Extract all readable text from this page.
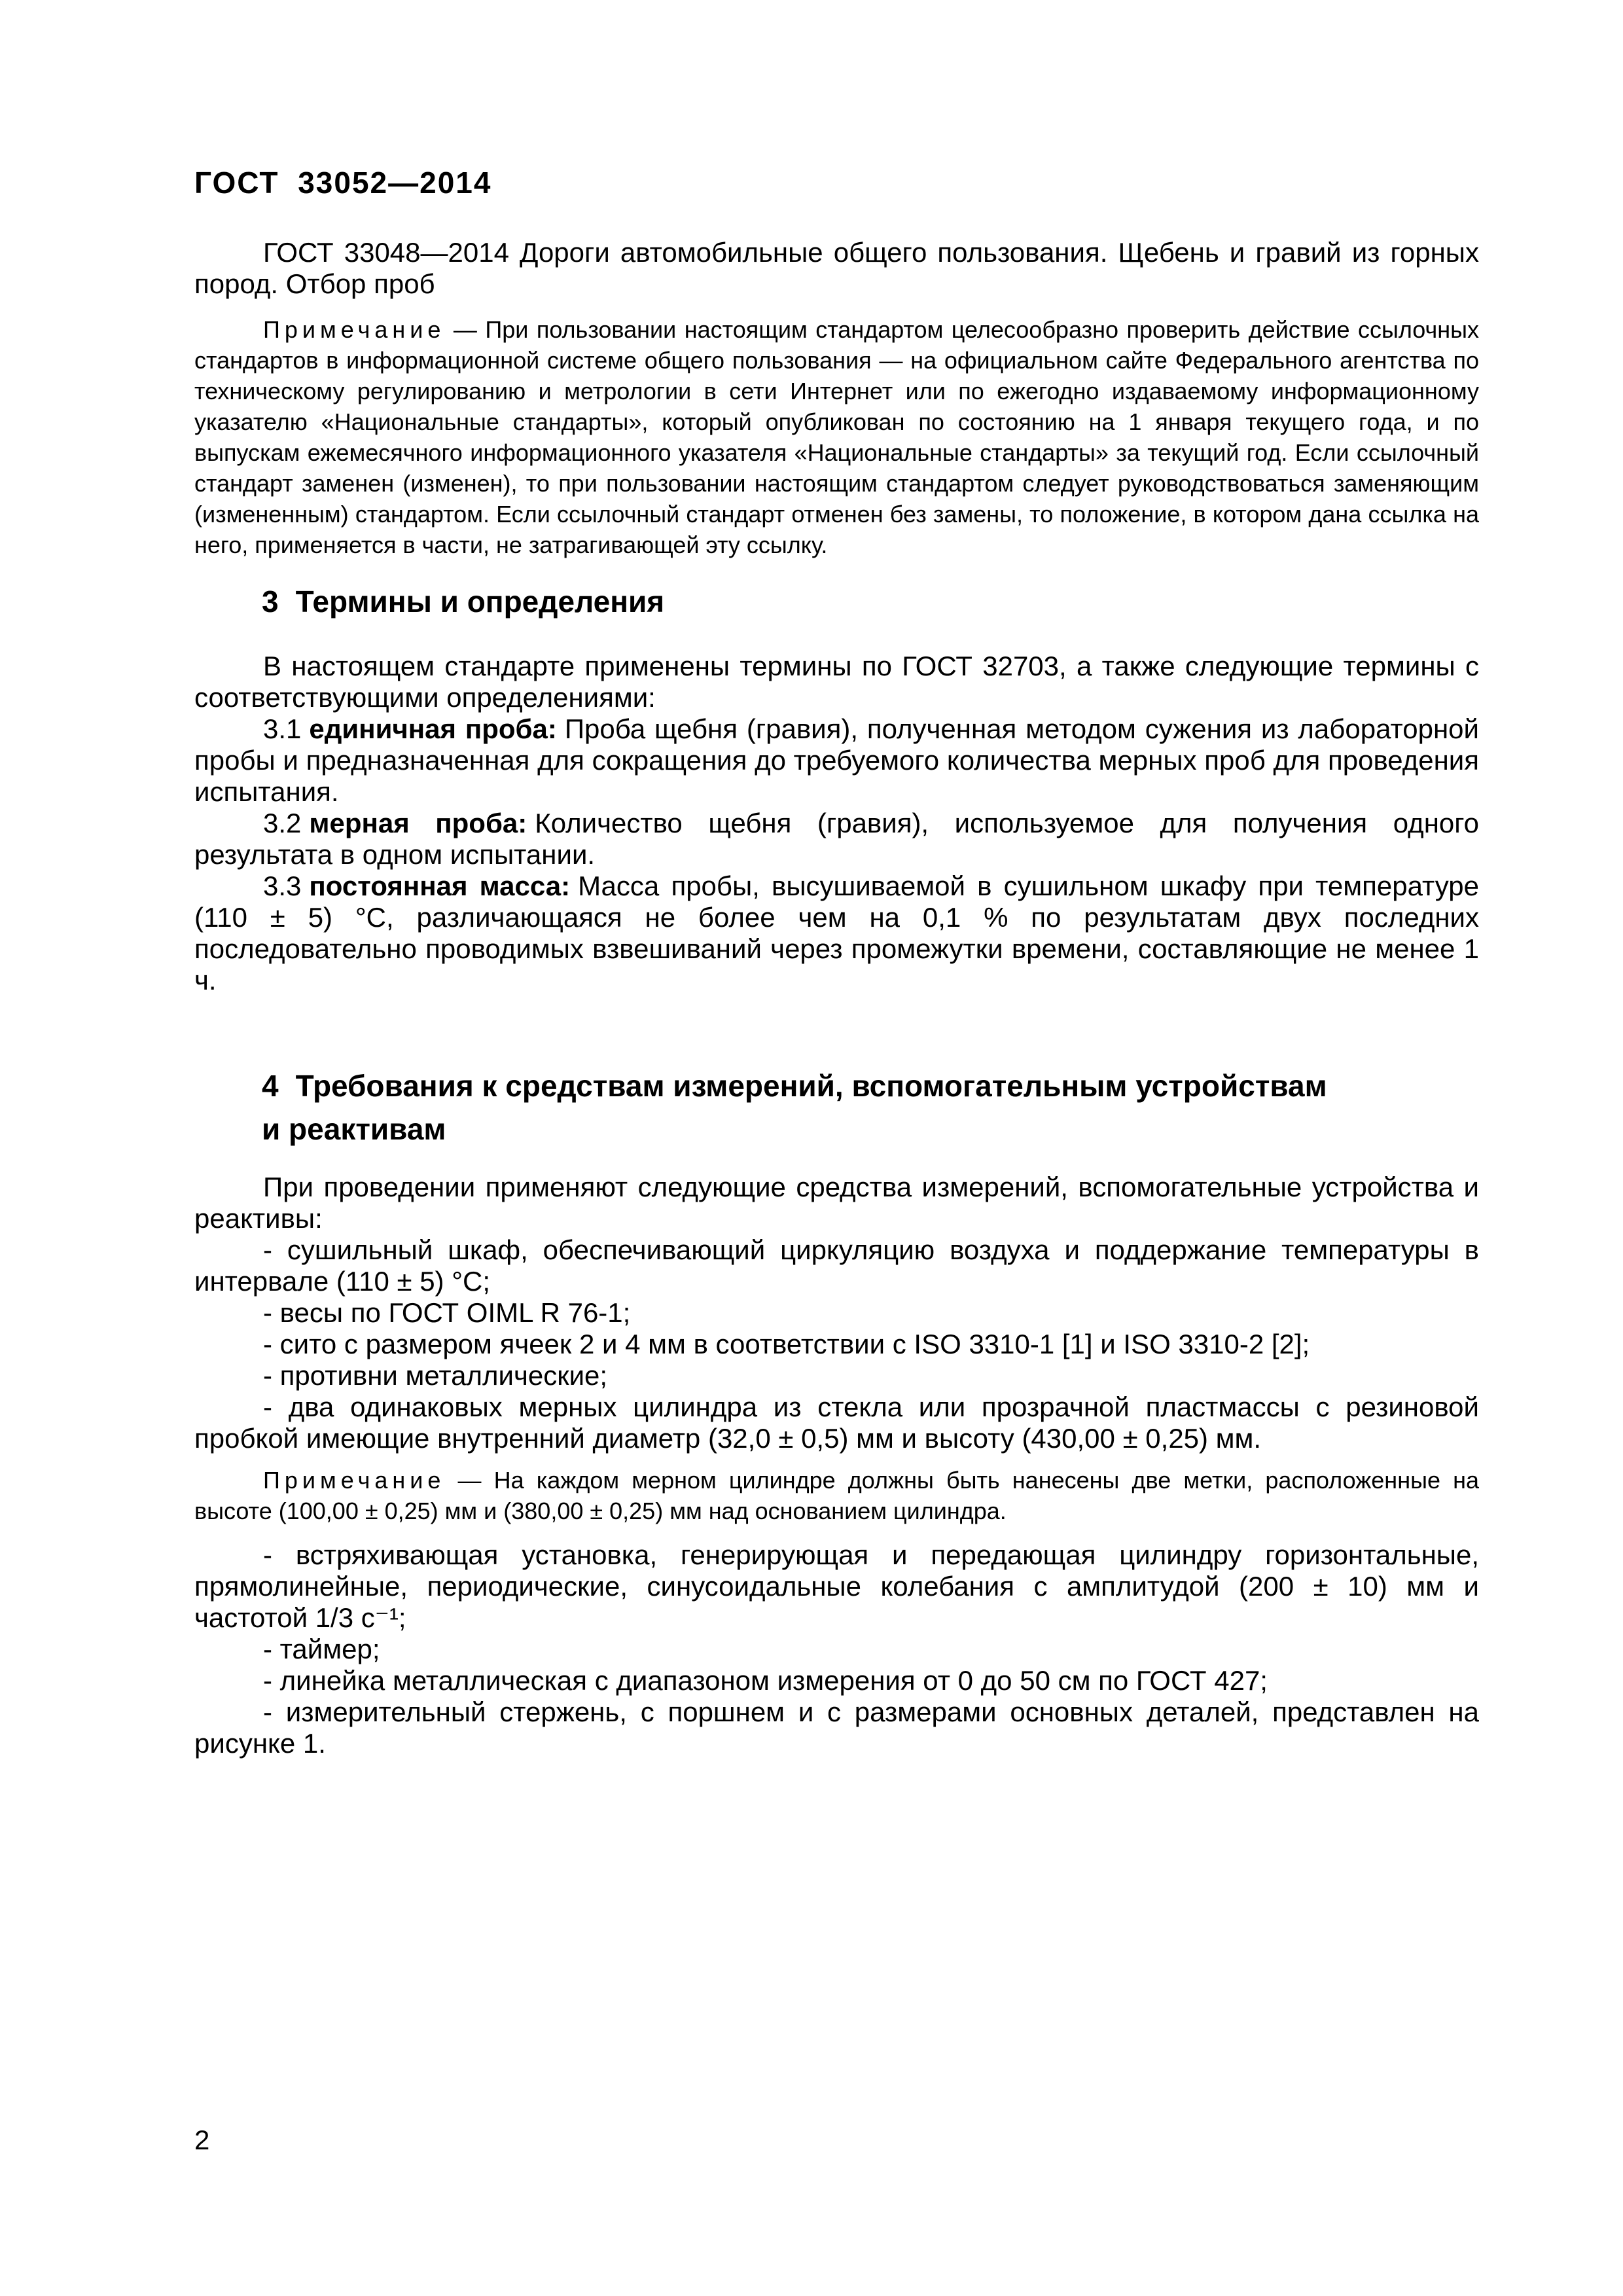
ГОСТ 33052—2014

ГОСТ 33048—2014 Дороги автомобильные общего пользования. Щебень и гравий из горных пород. Отбор проб

Примечание — При пользовании настоящим стандартом целесообразно проверить действие ссылочных стандартов в информационной системе общего пользования — на официальном сайте Федерального агентства по техническому регулированию и метрологии в сети Интернет или по ежегодно издаваемому информационному указателю «Национальные стандарты», который опубликован по состоянию на 1 января текущего года, и по выпускам ежемесячного информационного указателя «Национальные стандарты» за текущий год. Если ссылочный стандарт заменен (изменен), то при пользовании настоящим стандартом следует руководствоваться заменяющим (измененным) стандартом. Если ссылочный стандарт отменен без замены, то положение, в котором дана ссылка на него, применяется в части, не затрагивающей эту ссылку.

3 Термины и определения

В настоящем стандарте применены термины по ГОСТ 32703, а также следующие термины с соответствующими определениями:

3.1 единичная проба: Проба щебня (гравия), полученная методом сужения из лабораторной пробы и предназначенная для сокращения до требуемого количества мерных проб для проведения испытания.

3.2 мерная проба: Количество щебня (гравия), используемое для получения одного результата в одном испытании.

3.3 постоянная масса: Масса пробы, высушиваемой в сушильном шкафу при температуре (110 ± 5) °С, различающаяся не более чем на 0,1 % по результатам двух последних последовательно проводимых взвешиваний через промежутки времени, составляющие не менее 1 ч.

4 Требования к средствам измерений, вспомогательным устройствам
и реактивам

При проведении применяют следующие средства измерений, вспомогательные устройства и реактивы:

- сушильный шкаф, обеспечивающий циркуляцию воздуха и поддержание температуры в интервале (110 ± 5) °С;

- весы по ГОСТ OIML R 76-1;

- сито с размером ячеек 2 и 4 мм в соответствии с ISO 3310-1 [1] и ISO 3310-2 [2];

- противни металлические;

- два одинаковых мерных цилиндра из стекла или прозрачной пластмассы с резиновой пробкой имеющие внутренний диаметр (32,0 ± 0,5) мм и высоту (430,00 ± 0,25) мм.

Примечание — На каждом мерном цилиндре должны быть нанесены две метки, расположенные на высоте (100,00 ± 0,25) мм и (380,00 ± 0,25) мм над основанием цилиндра.

- встряхивающая установка, генерирующая и передающая цилиндру горизонтальные, прямолинейные, периодические, синусоидальные колебания с амплитудой (200 ± 10) мм и частотой 1/3 с⁻¹;

- таймер;

- линейка металлическая с диапазоном измерения от 0 до 50 см по ГОСТ 427;

- измерительный стержень, с поршнем и с размерами основных деталей, представлен на рисунке 1.

2
